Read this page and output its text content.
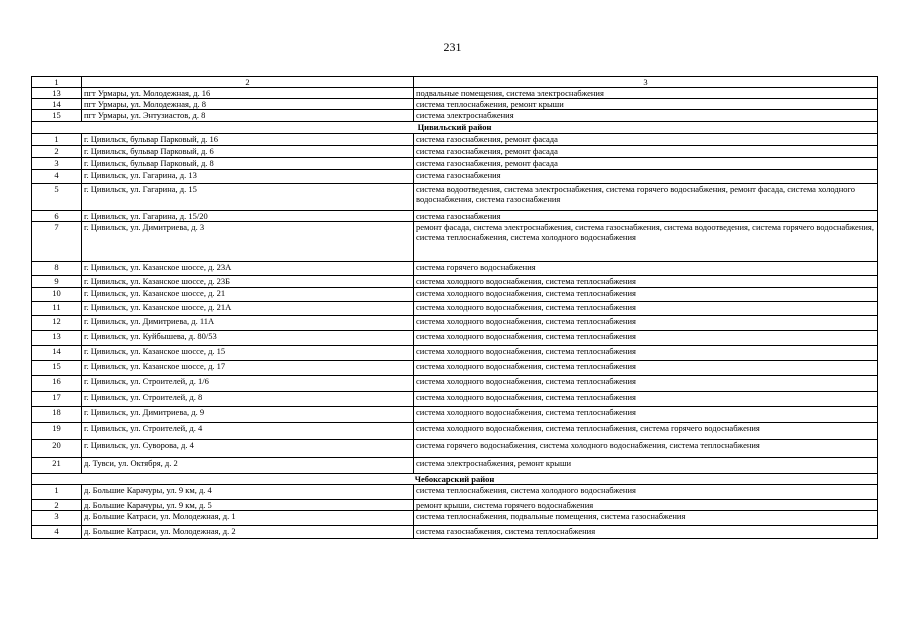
231
1	2	3
13	пгт Урмары, ул. Молодежная, д. 16	подвальные помещения, система электроснабжения
14	пгт Урмары, ул. Молодежная, д. 8	система теплоснабжения, ремонт крыши
15	пгт Урмары, ул. Энтузиастов, д. 8	система электроснабжения
Цивильский район		
1	г. Цивильск, бульвар Парковый, д. 16	система газоснабжения, ремонт фасада
2	г. Цивильск, бульвар Парковый, д. 6	система газоснабжения, ремонт фасада
3	г. Цивильск, бульвар Парковый, д. 8	система газоснабжения, ремонт фасада
4	г. Цивильск, ул. Гагарина, д. 13	система газоснабжения
5	г. Цивильск, ул. Гагарина, д. 15	система водоотведения, система электроснабжения, система горячего водоснабжения, ремонт фасада, система холодного водоснабжения, система газоснабжения
6	г. Цивильск, ул. Гагарина, д. 15/20	система газоснабжения
7	г. Цивильск, ул. Димитриева, д. 3	ремонт фасада, система электроснабжения, система газоснабжения, система водоотведения, система горячего водоснабжения, система теплоснабжения, система холодного водоснабжения
8	г. Цивильск, ул. Казанское шоссе, д. 23А	система горячего водоснабжения
9	г. Цивильск, ул. Казанское шоссе, д. 23Б	система холодного водоснабжения, система теплоснабжения
10	г. Цивильск, ул. Казанское шоссе, д. 21	система холодного водоснабжения, система теплоснабжения
11	г. Цивильск, ул. Казанское шоссе, д. 21А	система холодного водоснабжения, система теплоснабжения
12	г. Цивильск, ул. Димитриева, д. 11А	система холодного водоснабжения, система теплоснабжения
13	г. Цивильск, ул. Куйбышева, д. 80/53	система холодного водоснабжения, система теплоснабжения
14	г. Цивильск, ул. Казанское шоссе, д. 15	система холодного водоснабжения, система теплоснабжения
15	г. Цивильск, ул. Казанское шоссе, д. 17	система холодного водоснабжения, система теплоснабжения
16	г. Цивильск, ул. Строителей, д. 1/6	система холодного водоснабжения, система теплоснабжения
17	г. Цивильск, ул. Строителей, д. 8	система холодного водоснабжения, система теплоснабжения
18	г. Цивильск, ул. Димитриева, д. 9	система холодного водоснабжения, система теплоснабжения
19	г. Цивильск, ул. Строителей, д. 4	система холодного водоснабжения, система теплоснабжения, система горячего водоснабжения
20	г. Цивильск, ул. Суворова, д. 4	система горячего водоснабжения, система холодного водоснабжения, система теплоснабжения
21	д. Тувси, ул. Октября, д. 2	система электроснабжения, ремонт крыши
Чебоксарский район		
1	д. Большие Карачуры, ул. 9 км, д. 4	система теплоснабжения, система холодного водоснабжения
2	д. Большие Карачуры, ул. 9 км, д. 5	ремонт крыши, система горячего водоснабжения
3	д. Большие Катраси, ул. Молодежная, д. 1	система теплоснабжения, подвальные помещения, система газоснабжения
4	д. Большие Катраси, ул. Молодежная, д. 2	система газоснабжения, система теплоснабжения
